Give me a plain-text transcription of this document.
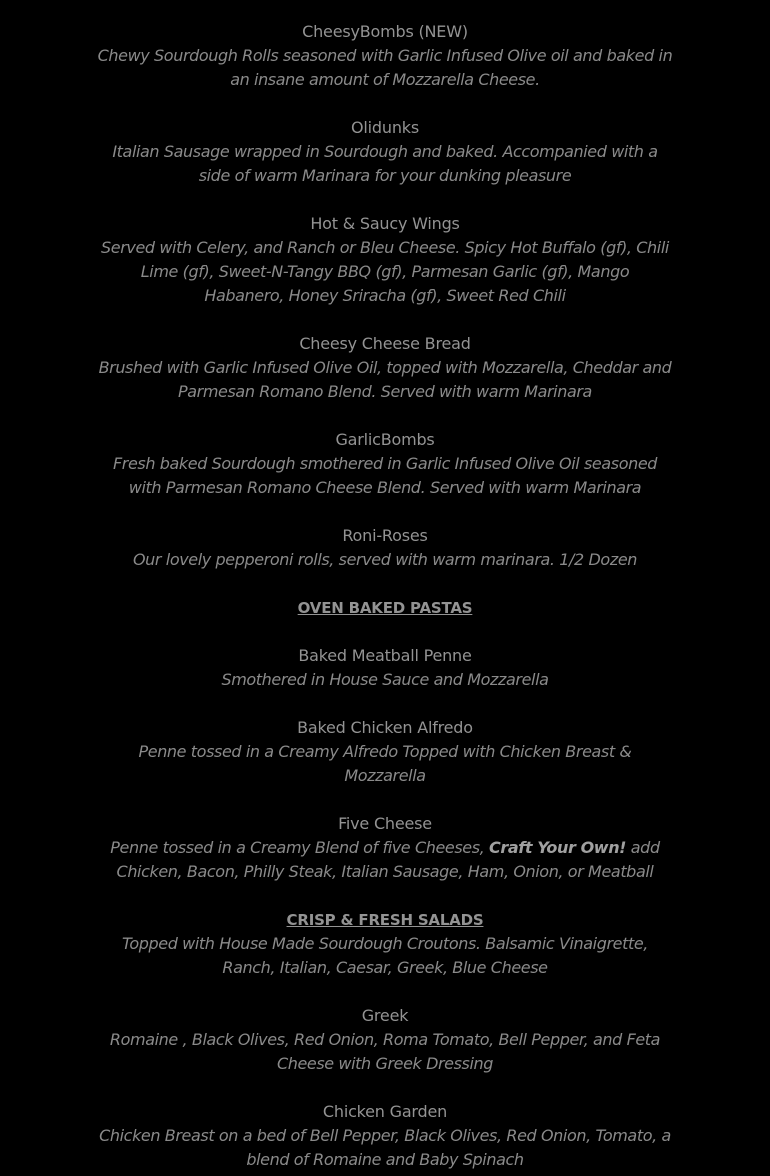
CheesyBombs (NEW)
Chewy Sourdough Rolls seasoned with Garlic Infused Olive oil and baked in
an insane amount of Mozzarella Cheese.
Olidunks
Italian Sausage wrapped in Sourdough and baked. Accompanied with a
side of warm Marinara for your dunking pleasure
Hot & Saucy Wings
Served with Celery, and Ranch or Bleu Cheese. Spicy Hot Buffalo (gf), Chili
Lime (gf), Sweet-N-Tangy BBQ (gf), Parmesan Garlic (gf), Mango
Habanero, Honey Sriracha (gf), Sweet Red Chili
Cheesy Cheese Bread
Brushed with Garlic Infused Olive Oil, topped with Mozzarella, Cheddar and
Parmesan Romano Blend. Served with warm Marinara
GarlicBombs
Fresh baked Sourdough smothered in Garlic Infused Olive Oil seasoned
with Parmesan Romano Cheese Blend. Served with warm Marinara
Roni-Roses
Our lovely pepperoni rolls, served with warm marinara. 1/2 Dozen
OVEN BAKED PASTAS
Baked Meatball Penne
Smothered in House Sauce and Mozzarella
Baked Chicken Alfredo
Penne tossed in a Creamy Alfredo Topped with Chicken Breast &
Mozzarella
Five Cheese
Penne tossed in a Creamy Blend of five Cheeses, Craft Your Own! add
Chicken, Bacon, Philly Steak, Italian Sausage, Ham, Onion, or Meatball
CRISP & FRESH SALADS
Topped with House Made Sourdough Croutons. Balsamic Vinaigrette,
Ranch, Italian, Caesar, Greek, Blue Cheese
Greek
Romaine , Black Olives, Red Onion, Roma Tomato, Bell Pepper, and Feta
Cheese with Greek Dressing
Chicken Garden
Chicken Breast on a bed of Bell Pepper, Black Olives, Red Onion, Tomato, a
blend of Romaine and Baby Spinach
